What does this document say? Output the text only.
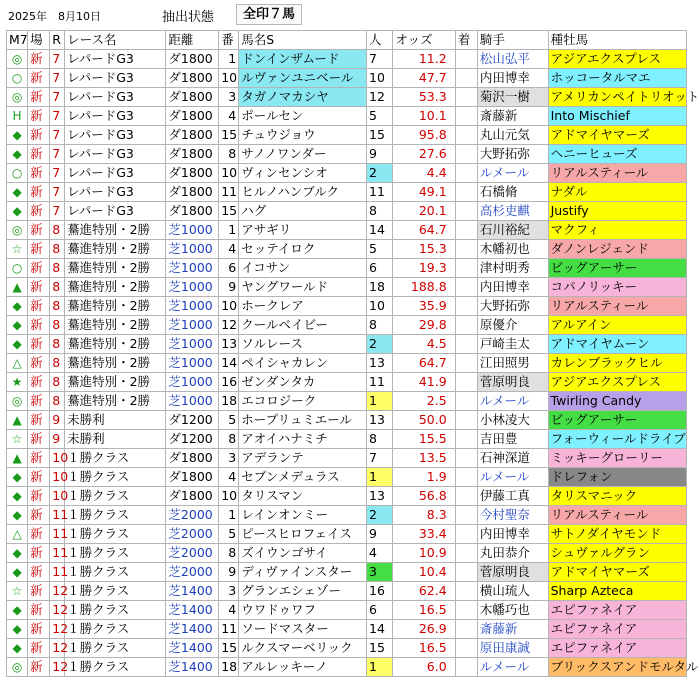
2025年　8月10日	抽出状態	全印７馬
M7	場	R	レース名	距離	番	馬名S	人	オッズ	着	騎手	種牡馬
◎	新	7	レパードG3	ダ1800	1	ドンインザムード	7	11.2		松山弘平	アジアエクスプレス
○	新	7	レパードG3	ダ1800	10	ルヴァンユニベール	10	47.7		内田博幸	ホッコータルマエ
◎	新	7	レパードG3	ダ1800	3	タガノマカシヤ	12	53.3		菊沢一樹	アメリカンペイトリオット
H	新	7	レパードG3	ダ1800	4	ポールセン	5	10.1		斎藤新	Into Mischief
◆	新	7	レパードG3	ダ1800	15	チュウジョウ	15	95.8		丸山元気	アドマイヤマーズ
◆	新	7	レパードG3	ダ1800	8	サノノワンダー	9	27.6		大野拓弥	ヘニーヒューズ
○	新	7	レパードG3	ダ1800	10	ヴィンセンシオ	2	4.4		ルメール	リアルスティール
◆	新	7	レパードG3	ダ1800	11	ヒルノハンブルク	11	49.1		石橋脩	ナダル
◆	新	7	レパードG3	ダ1800	15	ハグ	8	20.1		高杉吏麒	Justify
◎	新	8	驀進特別・2勝	芝1000	1	アサギリ	14	64.7		石川裕紀	マクフィ
☆	新	8	驀進特別・2勝	芝1000	4	セッテイロク	5	15.3		木幡初也	ダノンレジェンド
○	新	8	驀進特別・2勝	芝1000	6	イコサン	6	19.3		津村明秀	ビッグアーサー
▲	新	8	驀進特別・2勝	芝1000	9	ヤングワールド	18	188.8		内田博幸	コパノリッキー
◆	新	8	驀進特別・2勝	芝1000	10	ホークレア	10	35.9		大野拓弥	リアルスティール
◆	新	8	驀進特別・2勝	芝1000	12	クールベイビー	8	29.8		原優介	アルアイン
◆	新	8	驀進特別・2勝	芝1000	13	ソルレース	2	4.5		戸崎圭太	アドマイヤムーン
△	新	8	驀進特別・2勝	芝1000	14	ペイシャカレン	13	64.7		江田照男	カレンブラックヒル
★	新	8	驀進特別・2勝	芝1000	16	ゼンダンタカ	11	41.9		菅原明良	アジアエクスプレス
◎	新	8	驀進特別・2勝	芝1000	18	エコロジーク	1	2.5		ルメール	Twirling Candy
▲	新	9	未勝利	ダ1200	5	ホープリュミエール	13	50.0		小林凌大	ビッグアーサー
☆	新	9	未勝利	ダ1200	8	アオイハナミチ	8	15.5		吉田豊	フォーウィールドライブ
▲	新	10	１勝クラス	ダ1800	3	アデランテ	7	13.5		石神深道	ミッキーグローリー
◆	新	10	１勝クラス	ダ1800	4	セブンメデュラス	1	1.9		ルメール	ドレフォン
◆	新	10	１勝クラス	ダ1800	10	タリスマン	13	56.8		伊藤工真	タリスマニック
◆	新	11	１勝クラス	芝2000	1	レインオンミー	2	8.3		今村聖奈	リアルスティール
△	新	11	１勝クラス	芝2000	5	ピースヒロフェイス	9	33.4		内田博幸	サトノダイヤモンド
◆	新	11	１勝クラス	芝2000	8	ズイウンゴサイ	4	10.9		丸田恭介	シュヴァルグラン
◆	新	11	１勝クラス	芝2000	9	ディヴァインスター	3	10.4		菅原明良	アドマイヤマーズ
☆	新	12	１勝クラス	芝1400	3	グランエシェゾー	16	62.4		横山琉人	Sharp Azteca
◆	新	12	１勝クラス	芝1400	4	ウワドゥワフ	6	16.5		木幡巧也	エピファネイア
◆	新	12	１勝クラス	芝1400	11	ソードマスター	14	26.9		斎藤新	エピファネイア
◆	新	12	１勝クラス	芝1400	15	ルクスマーベリック	15	16.5		原田康誠	エピファネイア
◎	新	12	１勝クラス	芝1400	18	アルレッキーノ	1	6.0		ルメール	ブリックスアンドモルタル
